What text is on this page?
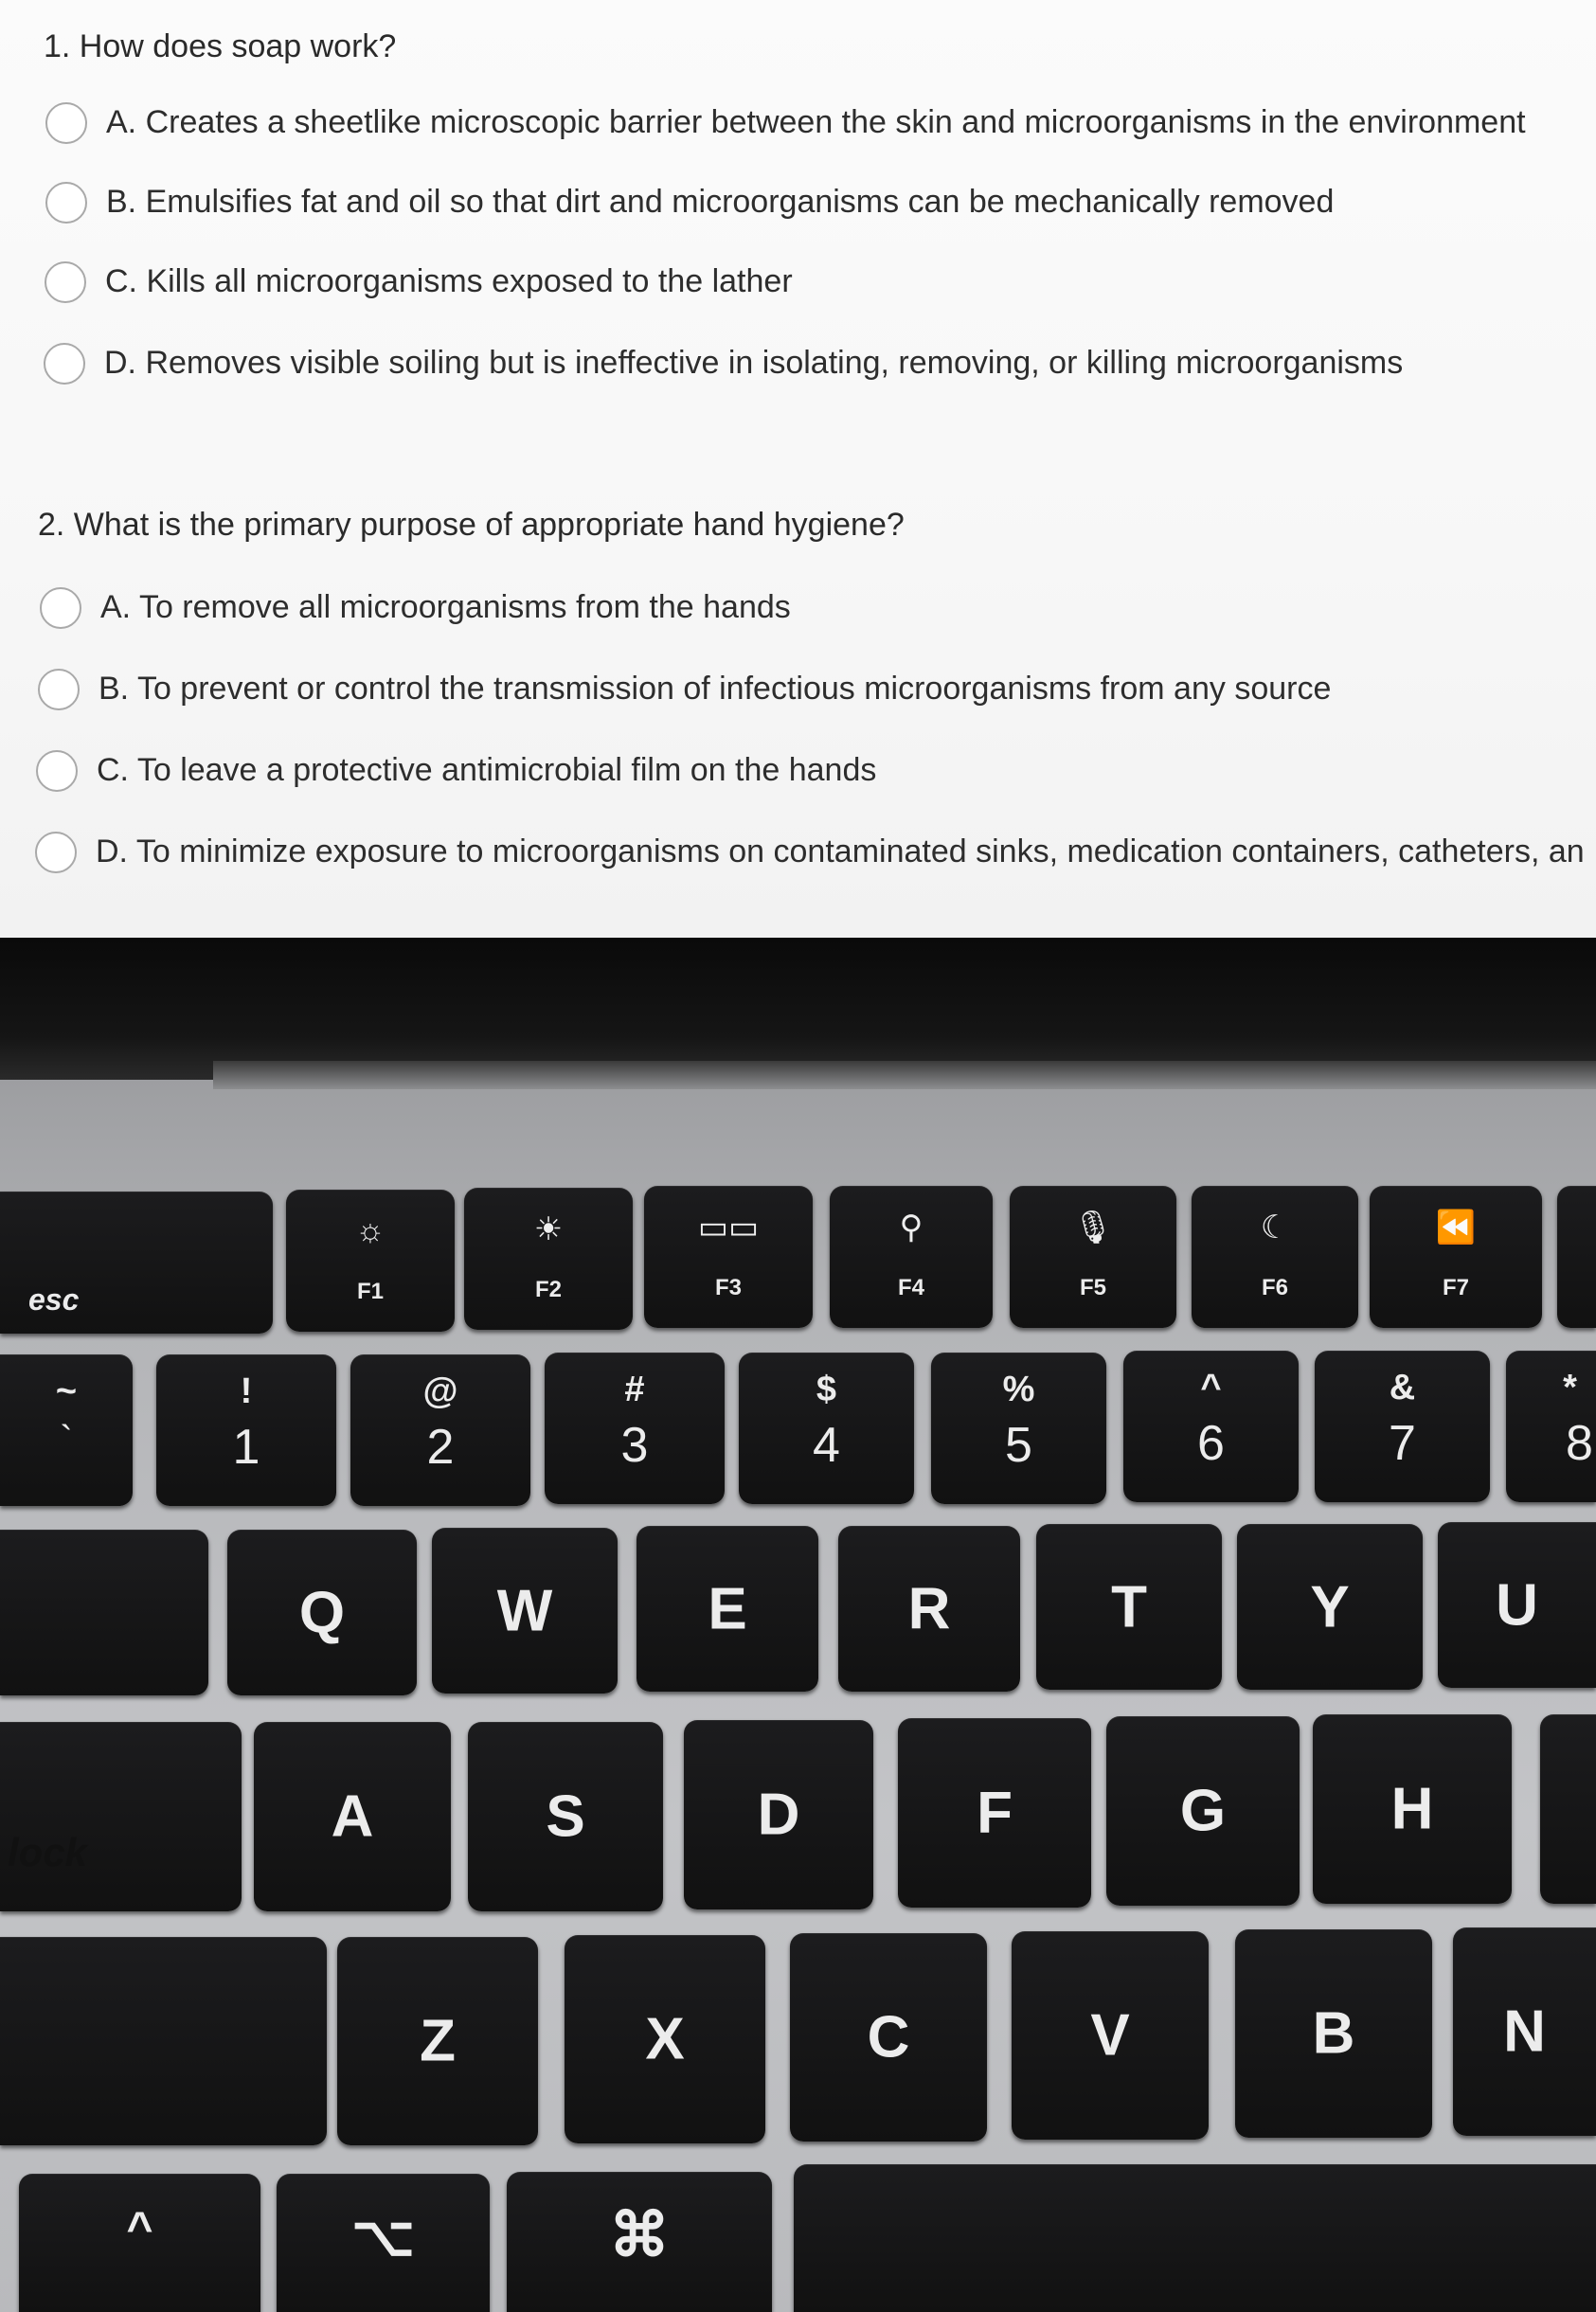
1. How does soap work?
A. Creates a sheetlike microscopic barrier between the skin and microorganisms in the environment
B. Emulsifies fat and oil so that dirt and microorganisms can be mechanically removed
C. Kills all microorganisms exposed to the lather
D. Removes visible soiling but is ineffective in isolating, removing, or killing microorganisms
2. What is the primary purpose of appropriate hand hygiene?
A. To remove all microorganisms from the hands
B. To prevent or control the transmission of infectious microorganisms from any source
C. To leave a protective antimicrobial film on the hands
D. To minimize exposure to microorganisms on contaminated sinks, medication containers, catheters, an
esc
☼
F1
☀
F2
▭▭
F3
⚲
F4
🎙
F5
☾
F6
⏪
F7
~
`
!
1
@
2
#
3
$
4
%
5
^
6
&
7
*
8
Q	W	E	R	T	Y	U
A	S	D	F	G	H
lock
Z	X	C	V	B	N
^	⌥	⌘
